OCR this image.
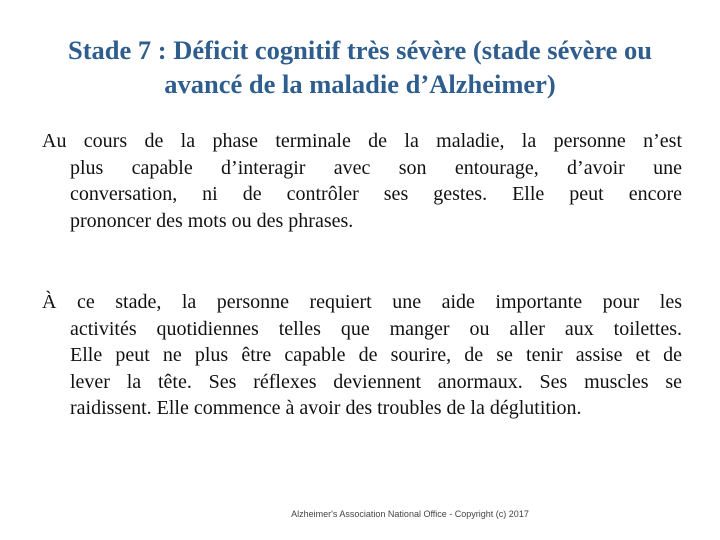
Stade 7 : Déficit cognitif très sévère (stade sévère ou
avancé de la maladie d’Alzheimer)

Au cours de la phase terminale de la maladie, la personne n’est
plus capable d’interagir avec son entourage, d’avoir une
conversation, ni de contrôler ses gestes. Elle peut encore
prononcer des mots ou des phrases.

À ce stade, la personne requiert une aide importante pour les
activités quotidiennes telles que manger ou aller aux toilettes.
Elle peut ne plus être capable de sourire, de se tenir assise et de
lever la tête. Ses réflexes deviennent anormaux. Ses muscles se
raidissent. Elle commence à avoir des troubles de la déglutition.

Alzheimer's Association National Office - Copyright (c) 2017
